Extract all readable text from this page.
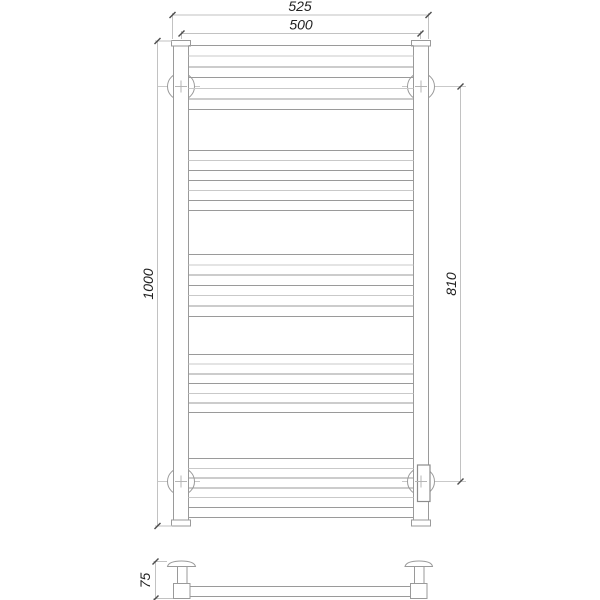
525
500
1000	810
75
